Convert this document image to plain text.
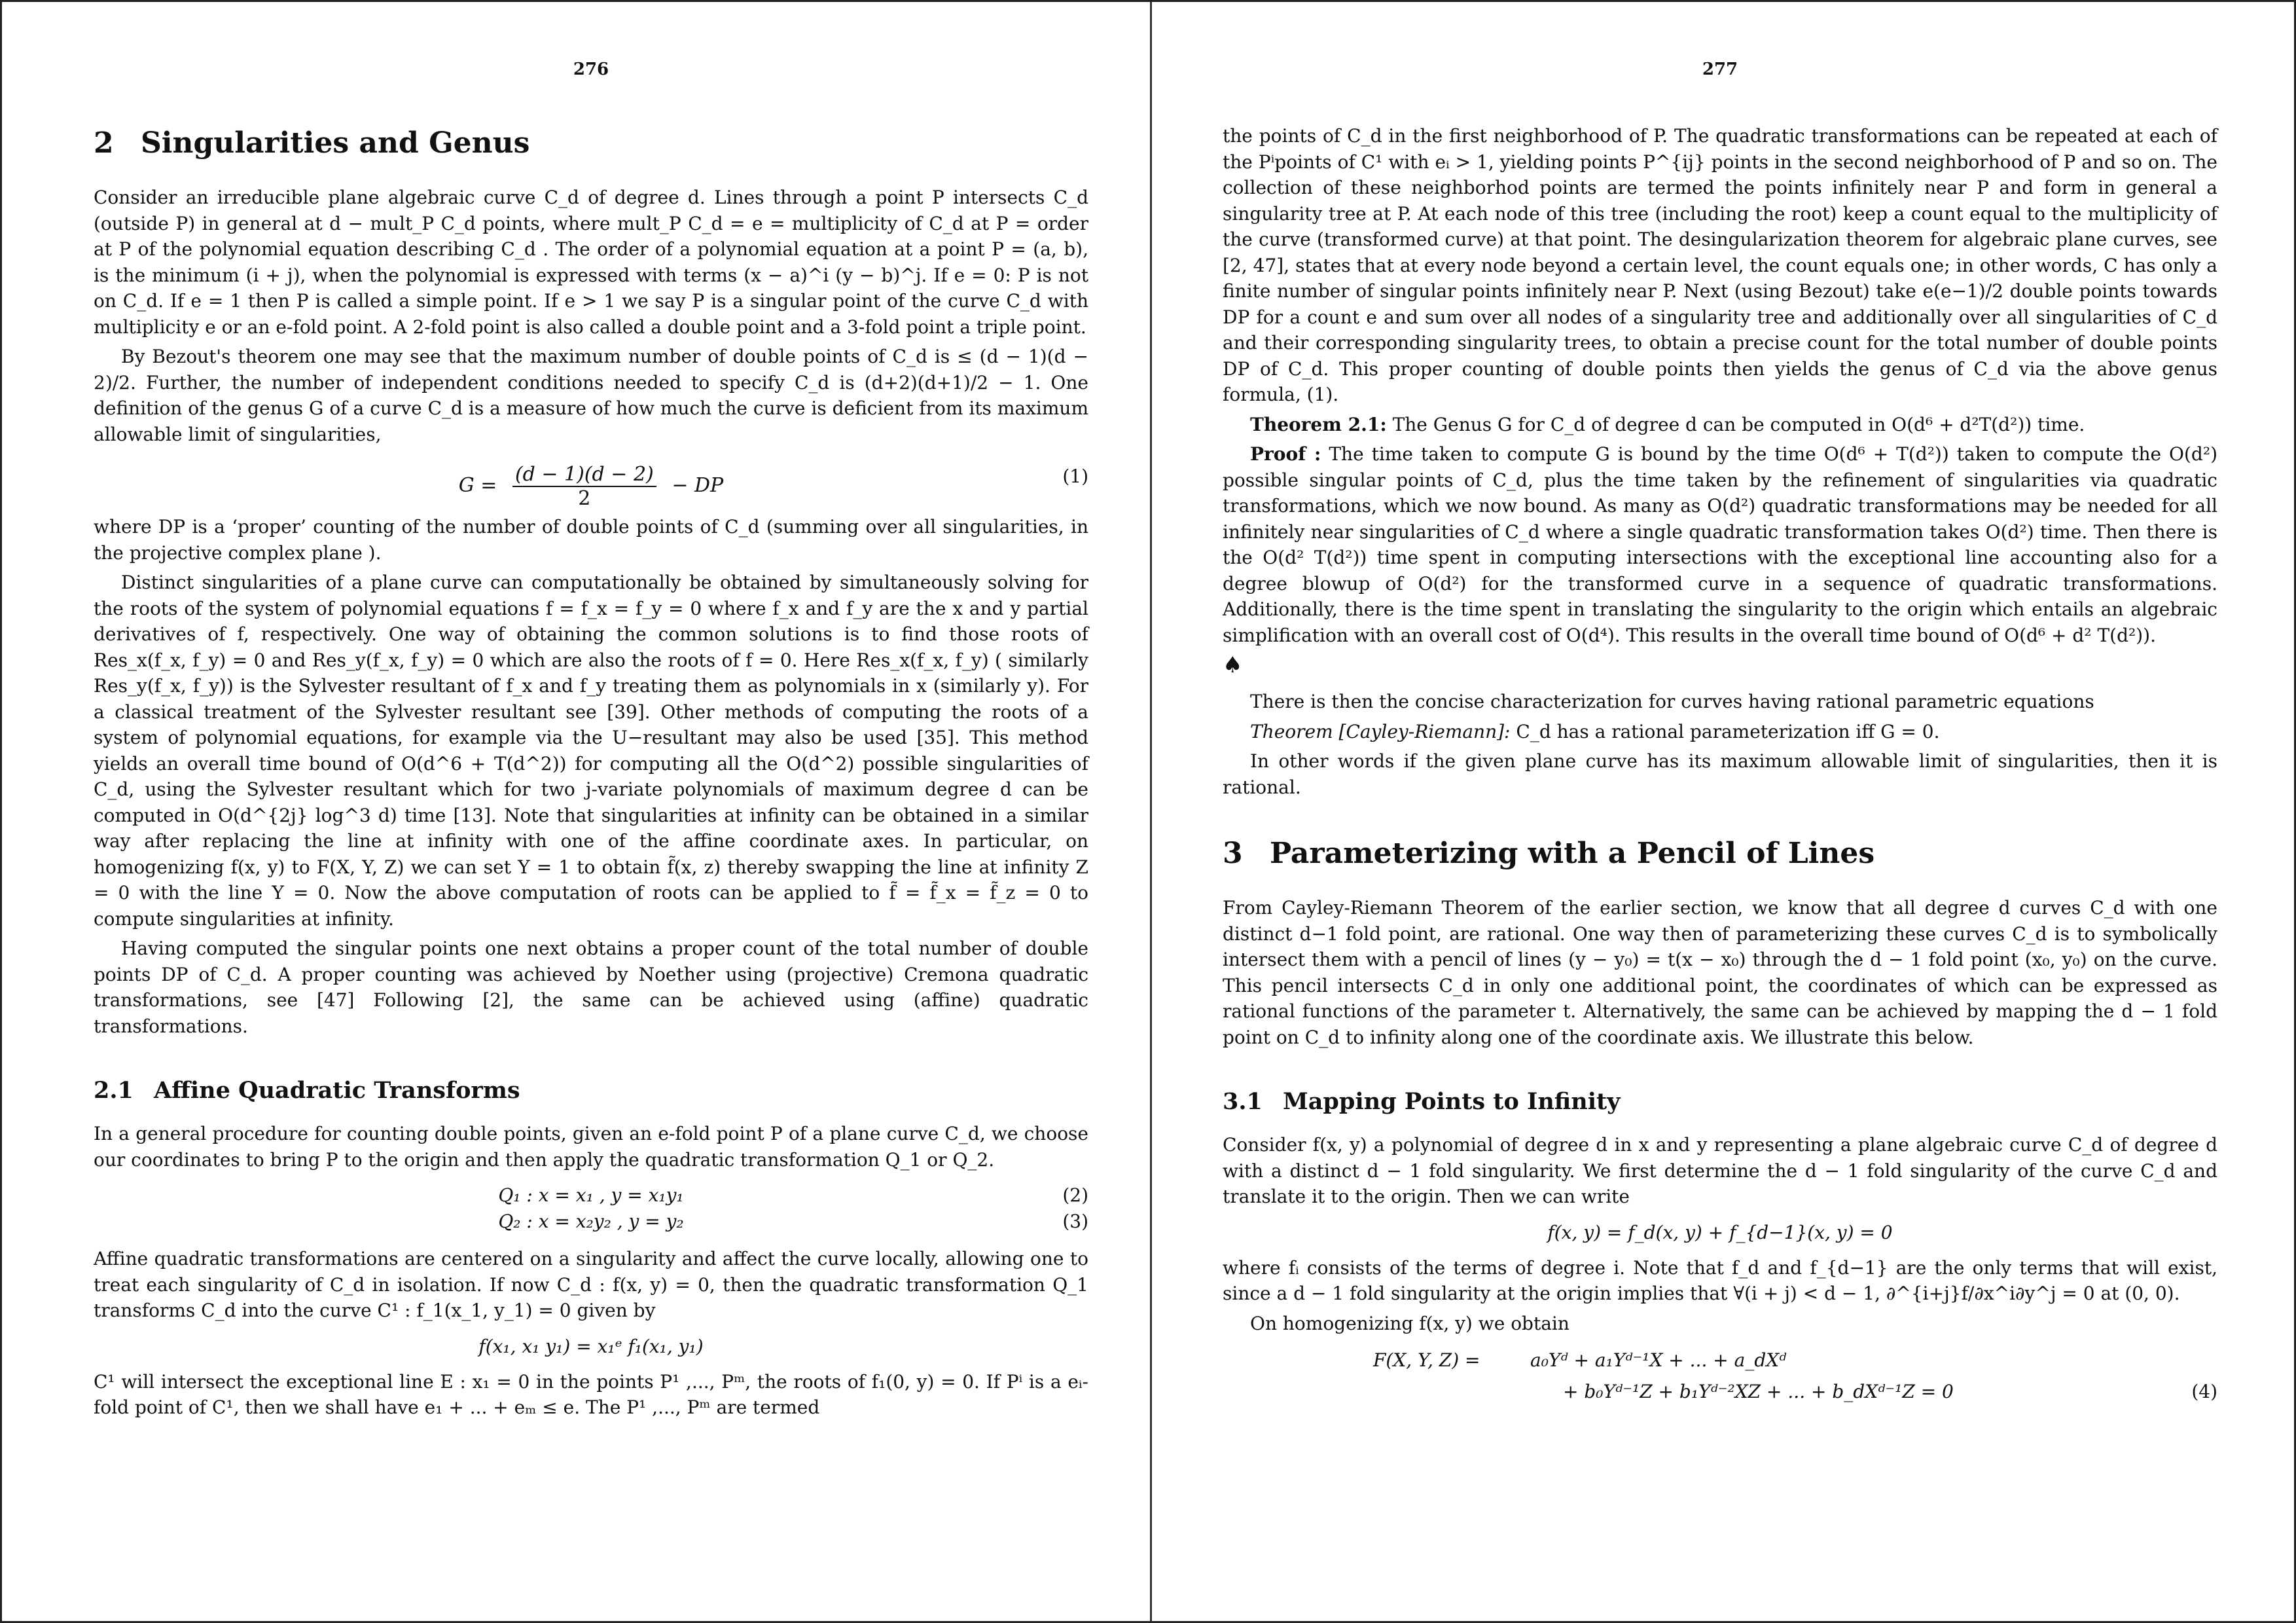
276
2 Singularities and Genus

Consider an irreducible plane algebraic curve C_d of degree d. Lines through a point P intersects C_d (outside P) in general at d − mult_P C_d points, where mult_P C_d = e = multiplicity of C_d at P = order at P of the polynomial equation describing C_d . The order of a polynomial equation at a point P = (a, b), is the minimum (i + j), when the polynomial is expressed with terms (x − a)^i (y − b)^j. If e = 0: P is not on C_d. If e = 1 then P is called a simple point. If e > 1 we say P is a singular point of the curve C_d with multiplicity e or an e-fold point. A 2-fold point is also called a double point and a 3-fold point a triple point.

By Bezout's theorem one may see that the maximum number of double points of C_d is ≤ (d − 1)(d − 2)/2. Further, the number of independent conditions needed to specify C_d is (d+2)(d+1)/2 − 1. One definition of the genus G of a curve C_d is a measure of how much the curve is deficient from its maximum allowable limit of singularities,

$G = \frac{(d - 1)(d - 2)}{2}$ − DP	(1)

where DP is a ‘proper’ counting of the number of double points of C_d (summing over all singularities, in the projective complex plane ).

Distinct singularities of a plane curve can computationally be obtained by simultaneously solving for the roots of the system of polynomial equations f = f_x = f_y = 0 where f_x and f_y are the x and y partial derivatives of f, respectively. One way of obtaining the common solutions is to find those roots of Res_x(f_x, f_y) = 0 and Res_y(f_x, f_y) = 0 which are also the roots of f = 0. Here Res_x(f_x, f_y) ( similarly Res_y(f_x, f_y)) is the Sylvester resultant of f_x and f_y treating them as polynomials in x (similarly y). For a classical treatment of the Sylvester resultant see [39]. Other methods of computing the roots of a system of polynomial equations, for example via the U−resultant may also be used [35]. This method yields an overall time bound of O(d^6 + T(d^2)) for computing all the O(d^2) possible singularities of C_d, using the Sylvester resultant which for two j-variate polynomials of maximum degree d can be computed in O(d^{2j} log^3 d) time [13]. Note that singularities at infinity can be obtained in a similar way after replacing the line at infinity with one of the affine coordinate axes. In particular, on homogenizing f(x, y) to F(X, Y, Z) we can set Y = 1 to obtain f̃(x, z) thereby swapping the line at infinity Z = 0 with the line Y = 0. Now the above computation of roots can be applied to f̃ = f̃_x = f̃_z = 0 to compute singularities at infinity.

Having computed the singular points one next obtains a proper count of the total number of double points DP of C_d. A proper counting was achieved by Noether using (projective) Cremona quadratic transformations, see [47] Following [2], the same can be achieved using (affine) quadratic transformations.

2.1 Affine Quadratic Transforms

In a general procedure for counting double points, given an e-fold point P of a plane curve C_d, we choose our coordinates to bring P to the origin and then apply the quadratic transformation Q_1 or Q_2.

Q₁ : x = x₁ , y = x₁y₁	(2)
Q₂ : x = x₂y₂ , y = y₂	(3)

Affine quadratic transformations are centered on a singularity and affect the curve locally, allowing one to treat each singularity of C_d in isolation. If now C_d : f(x, y) = 0, then the quadratic transformation Q_1 transforms C_d into the curve C¹ : f_1(x_1, y_1) = 0 given by

f(x₁, x₁ y₁) = x₁ᵉ f₁(x₁, y₁)

C¹ will intersect the exceptional line E : x₁ = 0 in the points P¹ ,..., Pᵐ, the roots of f₁(0, y) = 0. If Pⁱ is a eᵢ-fold point of C¹, then we shall have e₁ + ... + eₘ ≤ e. The P¹ ,..., Pᵐ are termed

277

the points of C_d in the first neighborhood of P. The quadratic transformations can be repeated at each of the Pⁱpoints of C¹ with eᵢ > 1, yielding points P^{ij} points in the second neighborhood of P and so on. The collection of these neighborhod points are termed the points infinitely near P and form in general a singularity tree at P. At each node of this tree (including the root) keep a count equal to the multiplicity of the curve (transformed curve) at that point. The desingularization theorem for algebraic plane curves, see [2, 47], states that at every node beyond a certain level, the count equals one; in other words, C has only a finite number of singular points infinitely near P. Next (using Bezout) take e(e−1)/2 double points towards DP for a count e and sum over all nodes of a singularity tree and additionally over all singularities of C_d and their corresponding singularity trees, to obtain a precise count for the total number of double points DP of C_d. This proper counting of double points then yields the genus of C_d via the above genus formula, (1).

Theorem 2.1: The Genus G for C_d of degree d can be computed in O(d⁶ + d²T(d²)) time.
Proof : The time taken to compute G is bound by the time O(d⁶ + T(d²)) taken to compute the O(d²) possible singular points of C_d, plus the time taken by the refinement of singularities via quadratic transformations, which we now bound. As many as O(d²) quadratic transformations may be needed for all infinitely near singularities of C_d where a single quadratic transformation takes O(d²) time. Then there is the O(d² T(d²)) time spent in computing intersections with the exceptional line accounting also for a degree blowup of O(d²) for the transformed curve in a sequence of quadratic transformations. Additionally, there is the time spent in translating the singularity to the origin which entails an algebraic simplification with an overall cost of O(d⁴). This results in the overall time bound of O(d⁶ + d² T(d²)).
♠

There is then the concise characterization for curves having rational parametric equations

Theorem [Cayley-Riemann]: C_d has a rational parameterization iff G = 0.

In other words if the given plane curve has its maximum allowable limit of singularities, then it is rational.

3 Parameterizing with a Pencil of Lines

From Cayley-Riemann Theorem of the earlier section, we know that all degree d curves C_d with one distinct d−1 fold point, are rational. One way then of parameterizing these curves C_d is to symbolically intersect them with a pencil of lines (y − y₀) = t(x − x₀) through the d − 1 fold point (x₀, y₀) on the curve. This pencil intersects C_d in only one additional point, the coordinates of which can be expressed as rational functions of the parameter t. Alternatively, the same can be achieved by mapping the d − 1 fold point on C_d to infinity along one of the coordinate axis. We illustrate this below.

3.1 Mapping Points to Infinity

Consider f(x, y) a polynomial of degree d in x and y representing a plane algebraic curve C_d of degree d with a distinct d − 1 fold singularity. We first determine the d − 1 fold singularity of the curve C_d and translate it to the origin. Then we can write

f(x, y) = f_d(x, y) + f_{d−1}(x, y) = 0

where fᵢ consists of the terms of degree i. Note that f_d and f_{d−1} are the only terms that will exist, since a d − 1 fold singularity at the origin implies that ∀(i + j) < d − 1, ∂^{i+j}f/∂x^i∂y^j = 0 at (0, 0).

On homogenizing f(x, y) we obtain

F(X, Y, Z) =	a₀Yᵈ + a₁Yᵈ⁻¹X + ... + a_dXᵈ
+ b₀Yᵈ⁻¹Z + b₁Yᵈ⁻²XZ + ... + b_dXᵈ⁻¹Z = 0	(4)
